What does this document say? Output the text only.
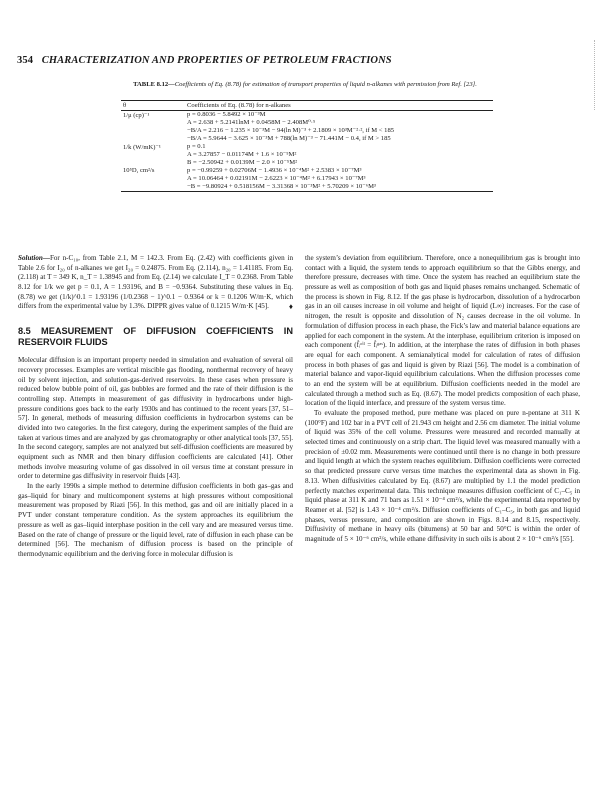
354 CHARACTERIZATION AND PROPERTIES OF PETROLEUM FRACTIONS
TABLE 8.12—Coefficients of Eq. (8.78) for estimation of transport properties of liquid n-alkanes with permission from Ref. [23].
θ	Coefficients of Eq. (8.78) for n-alkanes
1/μ (cp)⁻¹	p = 0.8036 − 5.8492 × 10⁻³M
A = 2.638 + 5.2141lnM + 0.0458M − 2.408M⁰·⁵
−B/A = 2.216 − 1.235 × 10⁻³M − 94(ln M)⁻³ + 2.1809 × 10³M⁻²·², if M < 185
−B/A = 5.9644 − 3.625 × 10⁻³M + 788(ln M)⁻³ − 71.441M − 0.4, if M > 185
1/k (W/mK)⁻¹	p = 0.1
A = 3.27857 − 0.01174M + 1.6 × 10⁻⁵M²
B = −2.50942 + 0.0139M − 2.0 × 10⁻⁵M²
10⁵D, cm²/s	p = −0.99259 + 0.02706M − 1.4936 × 10⁻⁴M² + 2.5383 × 10⁻⁷M³
A = 10.06464 + 0.02191M − 2.6223 × 10⁻⁴M² + 6.17943 × 10⁻⁷M³
−B = −9.80924 + 0.518156M − 3.31368 × 10⁻³M² + 5.70209 × 10⁻⁶M³

Solution—For n-C₁₀, from Table 2.1, M = 142.3. From Eq. (2.42) with coefficients given in Table 2.6 for I₂₀ of n-alkanes we get I₂₀ = 0.24875. From Eq. (2.114), n₂₀ = 1.41185. From Eq. (2.118) at T = 349 K, n_T = 1.38945 and from Eq. (2.14) we calculate I_T = 0.2368. From Table 8.12 for 1/k we get p = 0.1, A = 1.93196, and B = −0.9364. Substituting these values in Eq. (8.78) we get (1/k)^0.1 = 1.93196 (1/0.2368 − 1)^0.1 − 0.9364 or k = 0.1206 W/m·K, which differs from the experimental value by 1.3%. DIPPR gives value of 0.1215 W/m·K [45]. ♦

8.5 MEASUREMENT OF DIFFUSION COEFFICIENTS IN RESERVOIR FLUIDS

Molecular diffusion is an important property needed in simulation and evaluation of several oil recovery processes. Examples are vertical miscible gas flooding, nonthermal recovery of heavy oil by solvent injection, and solution-gas-derived reservoirs. In these cases when pressure is reduced below bubble point of oil, gas bubbles are formed and the rate of their diffusion is the controlling step. Attempts in measurement of gas diffusivity in hydrocarbons under high-pressure conditions goes back to the early 1930s and has continued to the recent years [37, 51–57]. In general, methods of measuring diffusion coefficients in hydrocarbon systems can be divided into two categories. In the first category, during the experiment samples of the fluid are taken at various times and are analyzed by gas chromatography or other analytical tools [37, 55]. In the second category, samples are not analyzed but self-diffusion coefficients are measured by equipment such as NMR and then binary diffusion coefficients are calculated [41]. Other methods involve measuring volume of gas dissolved in oil versus time at constant pressure in order to determine gas diffusivity in reservoir fluids [43].

In the early 1990s a simple method to determine diffusion coefficients in both gas–gas and gas–liquid for binary and multicomponent systems at high pressures without compositional measurement was proposed by Riazi [56]. In this method, gas and oil are initially placed in a PVT under constant temperature condition. As the system approaches its equilibrium the pressure as well as gas–liquid interphase position in the cell vary and are measured versus time. Based on the rate of change of pressure or the liquid level, rate of diffusion in each phase can be determined [56]. The mechanism of diffusion process is based on the principle of thermodynamic equilibrium and the deriving force in molecular diffusion is

the system’s deviation from equilibrium. Therefore, once a nonequilibrium gas is brought into contact with a liquid, the system tends to approach equilibrium so that the Gibbs energy, and therefore pressure, decreases with time. Once the system has reached an equilibrium state the pressure as well as composition of both gas and liquid phases remains unchanged. Schematic of the process is shown in Fig. 8.12. If the gas phase is hydrocarbon, dissolution of a hydrocarbon gas in an oil causes increase in oil volume and height of liquid (L∞) increases. For the case of nitrogen, the result is opposite and dissolution of N₂ causes decrease in the oil volume. In formulation of diffusion process in each phase, the Fick’s law and material balance equations are applied for each component in the system. At the interphase, equilibrium criterion is imposed on each component (f̂ᵢᵒⁱˡ = f̂ᵢᵍᵃˢ). In addition, at the interphase the rates of diffusion in both phases are equal for each component. A semianalytical model for calculation of rates of diffusion process in both phases of gas and liquid is given by Riazi [56]. The model is a combination of material balance and vapor-liquid equilibrium calculations. When the diffusion processes come to an end the system will be at equilibrium. Diffusion coefficients needed in the model are calculated through a method such as Eq. (8.67). The model predicts composition of each phase, location of the liquid interface, and pressure of the system versus time.

To evaluate the proposed method, pure methane was placed on pure n-pentane at 311 K (100°F) and 102 bar in a PVT cell of 21.943 cm height and 2.56 cm diameter. The initial volume of liquid was 35% of the cell volume. Pressures were measured and recorded manually at selected times and continuously on a strip chart. The liquid level was measured manually with a precision of ±0.02 mm. Measurements were continued until there is no change in both pressure and liquid length at which the system reaches equilibrium. Diffusion coefficients were corrected so that predicted pressure curve versus time matches the experimental data as shown in Fig. 8.13. When diffusivities calculated by Eq. (8.67) are multiplied by 1.1 the model prediction perfectly matches experimental data. This technique measures diffusion coefficient of C₁–C₅ in liquid phase at 311 K and 71 bars as 1.51 × 10⁻⁴ cm²/s, while the experimental data reported by Reamer et al. [52] is 1.43 × 10⁻⁴ cm²/s. Diffusion coefficients of C₁–C₅, in both gas and liquid phases, versus pressure, and composition are shown in Figs. 8.14 and 8.15, respectively. Diffusivity of methane in heavy oils (bitumens) at 50 bar and 50°C is within the order of magnitude of 5 × 10⁻⁶ cm²/s, while ethane diffusivity in such oils is about 2 × 10⁻⁶ cm²/s [55].
